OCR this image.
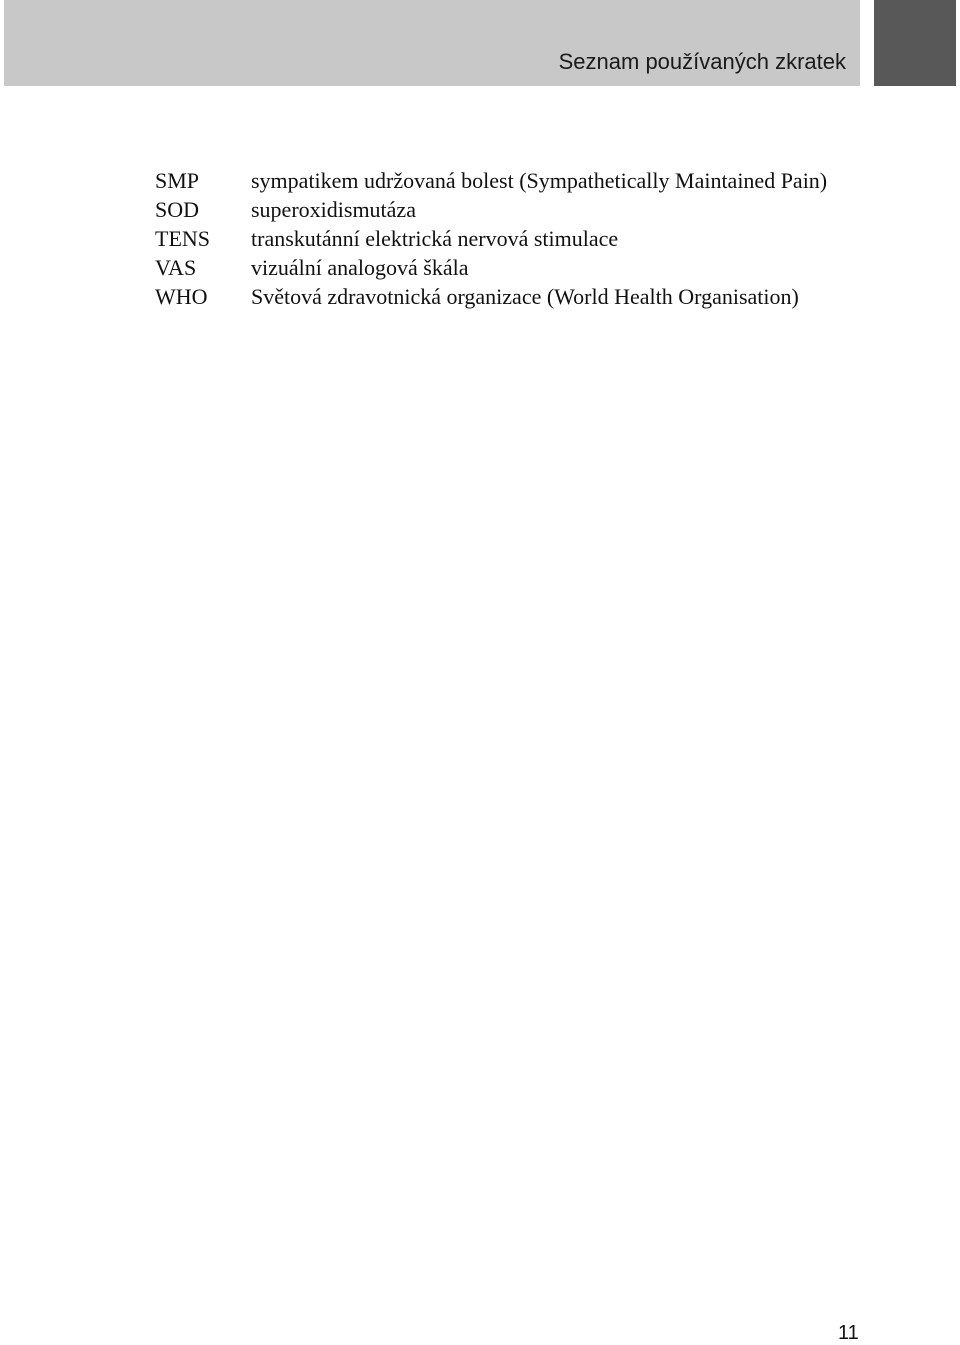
Seznam používaných zkratek
SMP	sympatikem udržovaná bolest (Sympathetically Maintained Pain)
SOD	superoxidismutáza
TENS	transkutánní elektrická nervová stimulace
VAS	vizuální analogová škála
WHO	Světová zdravotnická organizace (World Health Organisation)
11
